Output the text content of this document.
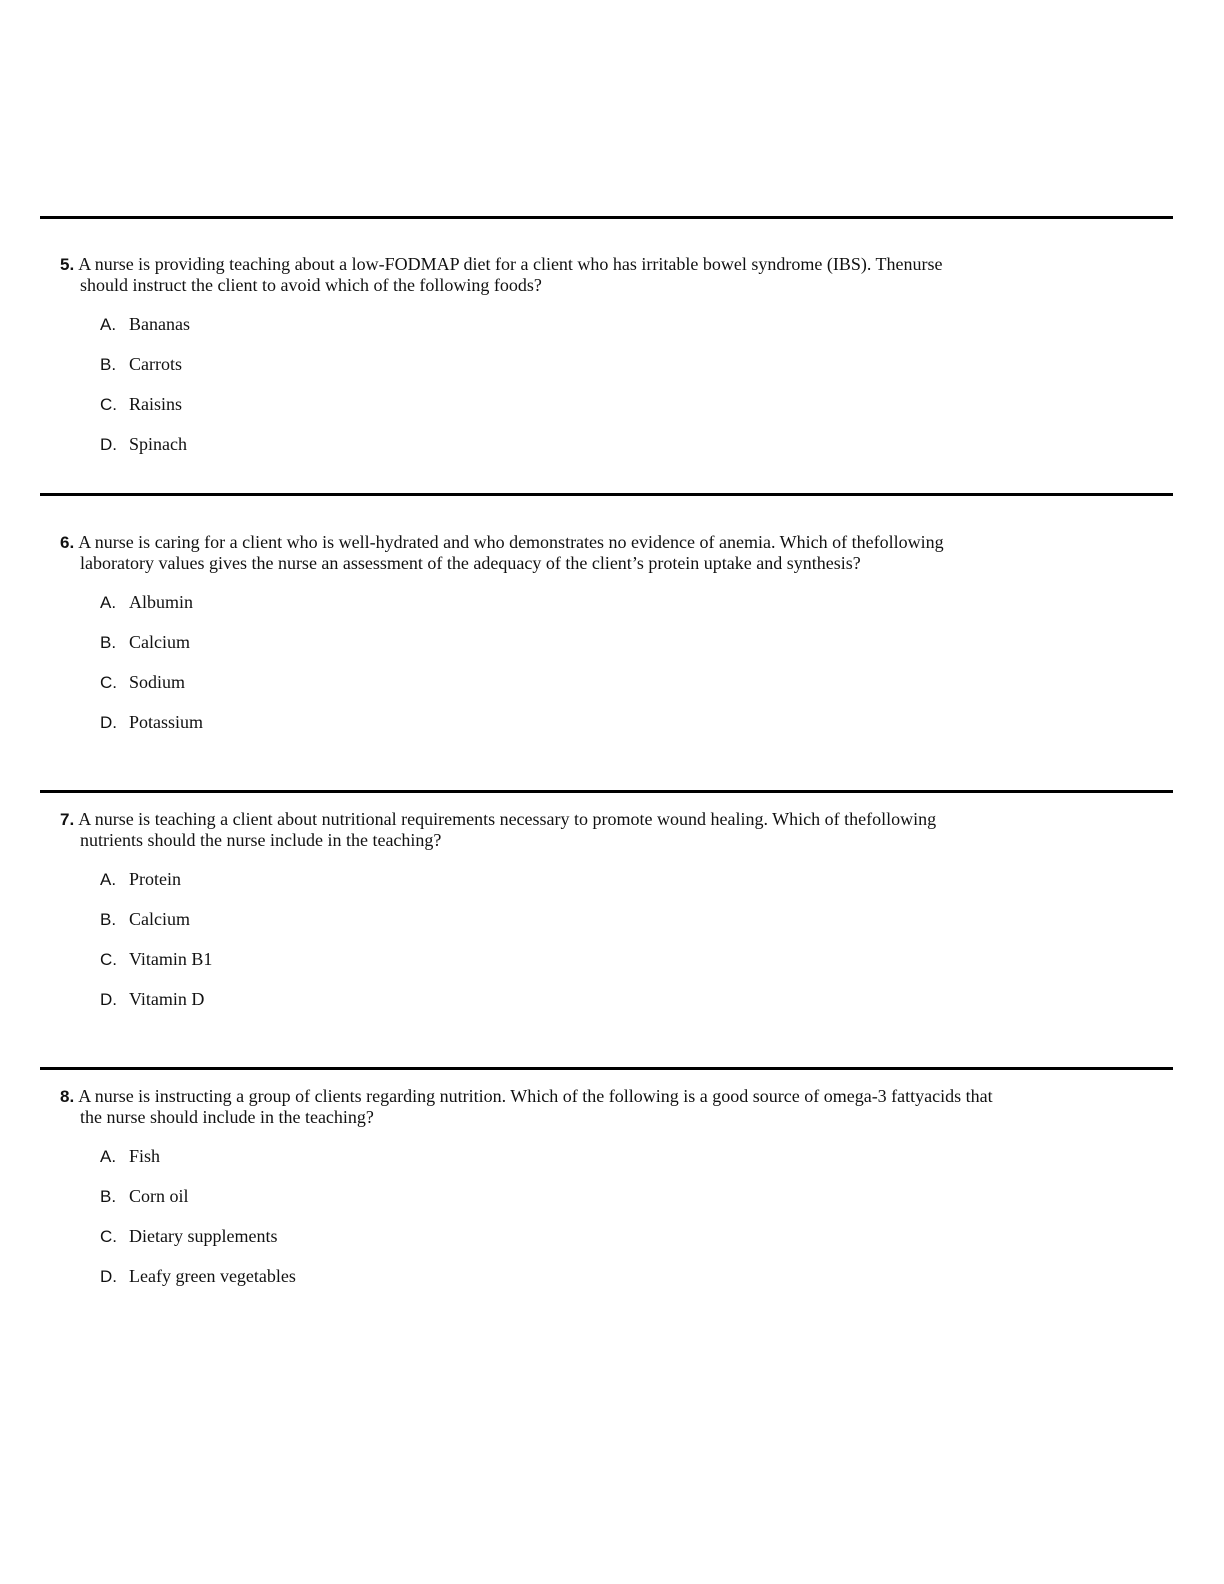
5. A nurse is providing teaching about a low-FODMAP diet for a client who has irritable bowel syndrome (IBS). Thenurse
should instruct the client to avoid which of the following foods?

A. Bananas
B. Carrots
C. Raisins
D. Spinach

6. A nurse is caring for a client who is well-hydrated and who demonstrates no evidence of anemia. Which of thefollowing
laboratory values gives the nurse an assessment of the adequacy of the client’s protein uptake and synthesis?

A. Albumin
B. Calcium
C. Sodium
D. Potassium

7. A nurse is teaching a client about nutritional requirements necessary to promote wound healing. Which of thefollowing
nutrients should the nurse include in the teaching?

A. Protein
B. Calcium
C. Vitamin B1
D. Vitamin D

8. A nurse is instructing a group of clients regarding nutrition. Which of the following is a good source of omega-3 fattyacids that
the nurse should include in the teaching?

A. Fish
B. Corn oil
C. Dietary supplements
D. Leafy green vegetables
